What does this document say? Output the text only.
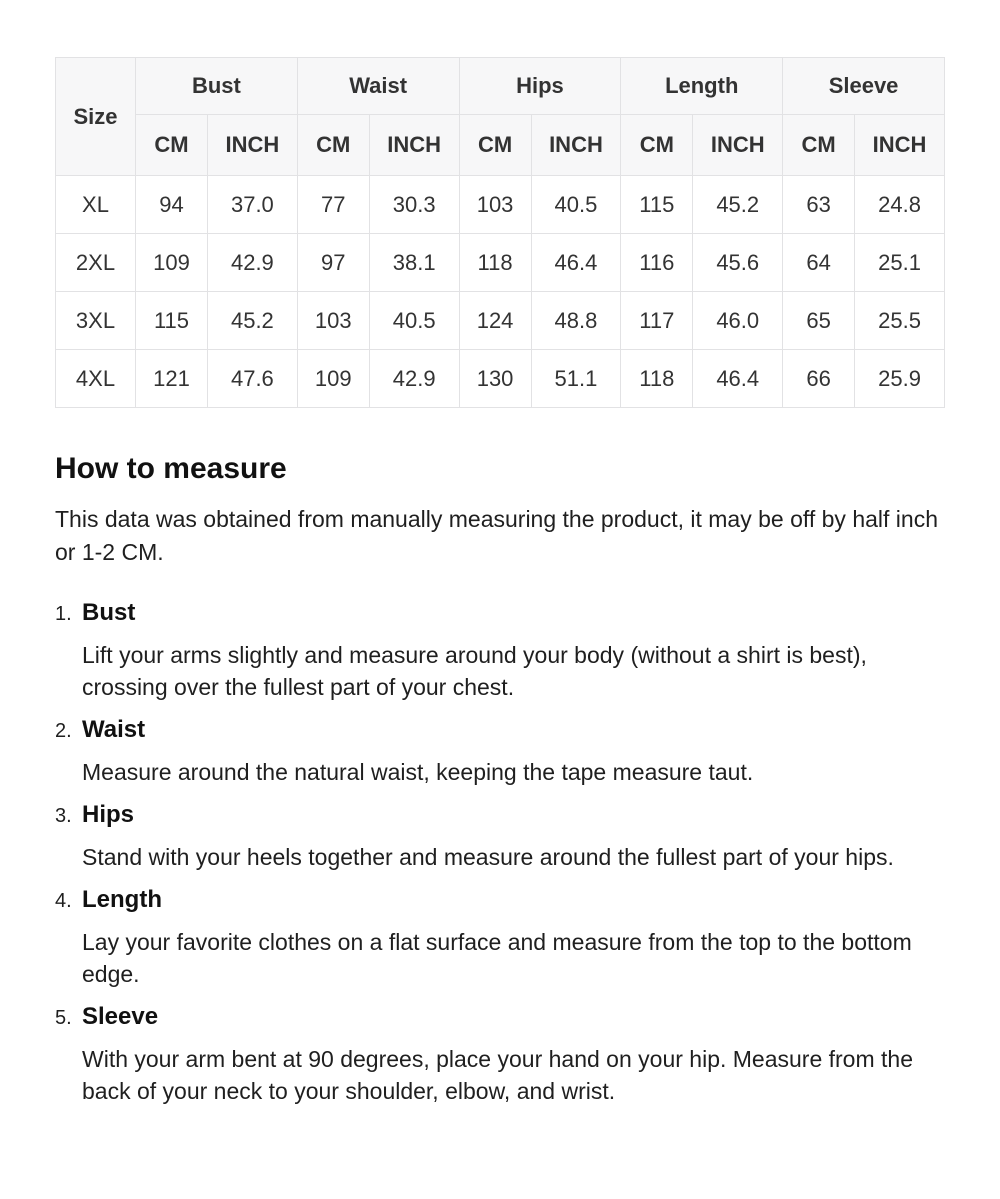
Size	Bust		Waist		Hips		Length		Sleeve	
	CM	INCH	CM	INCH	CM	INCH	CM	INCH	CM	INCH
XL	94	37.0	77	30.3	103	40.5	115	45.2	63	24.8
2XL	109	42.9	97	38.1	118	46.4	116	45.6	64	25.1
3XL	115	45.2	103	40.5	124	48.8	117	46.0	65	25.5
4XL	121	47.6	109	42.9	130	51.1	118	46.4	66	25.9
How to measure

This data was obtained from manually measuring the product, it may be off by half inch or 1-2 CM.

1. Bust
Lift your arms slightly and measure around your body (without a shirt is best), crossing over the fullest part of your chest.
2. Waist
Measure around the natural waist, keeping the tape measure taut.
3. Hips
Stand with your heels together and measure around the fullest part of your hips.
4. Length
Lay your favorite clothes on a flat surface and measure from the top to the bottom edge.
5. Sleeve
With your arm bent at 90 degrees, place your hand on your hip. Measure from the back of your neck to your shoulder, elbow, and wrist.
